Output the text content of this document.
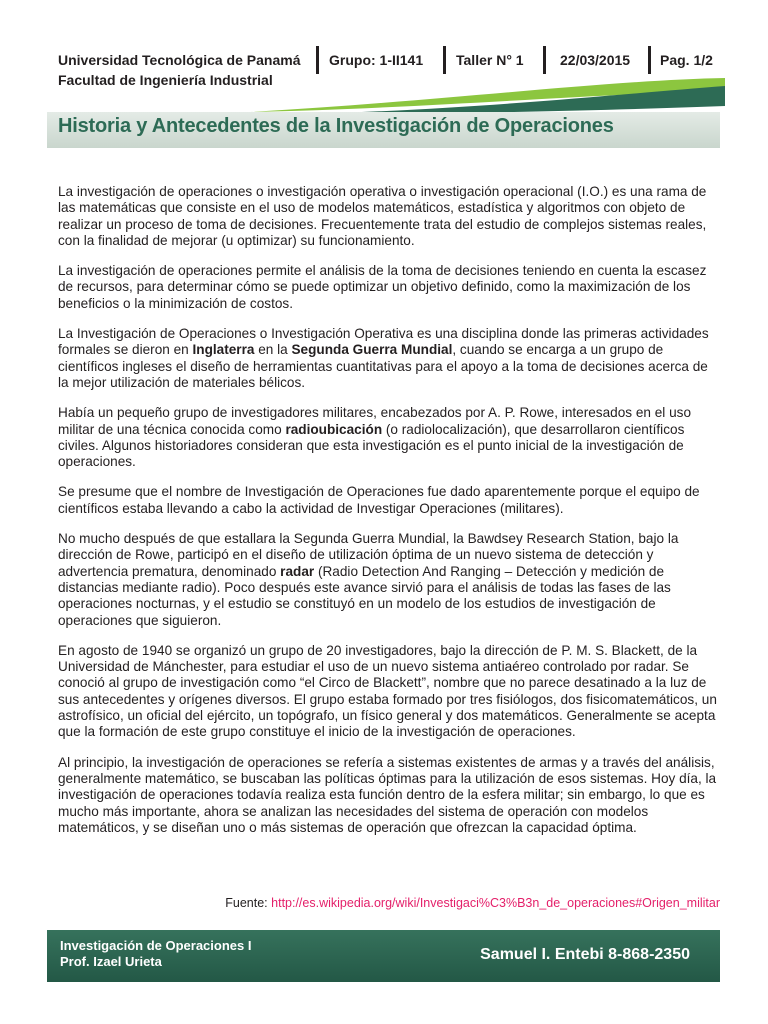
Universidad Tecnológica de Panamá
Facultad de Ingeniería Industrial
Grupo: 1-II141 Taller N° 1	22/03/2015 Pag. 1/2
Historia y Antecedentes de la Investigación de Operaciones

La investigación de operaciones o investigación operativa o investigación operacional (I.O.) es una rama de las matemáticas que consiste en el uso de modelos matemáticos, estadística y algoritmos con objeto de realizar un proceso de toma de decisiones. Frecuentemente trata del estudio de complejos sistemas reales, con la finalidad de mejorar (u optimizar) su funcionamiento.

La investigación de operaciones permite el análisis de la toma de decisiones teniendo en cuenta la escasez de recursos, para determinar cómo se puede optimizar un objetivo definido, como la maximización de los beneficios o la minimización de costos.

La Investigación de Operaciones o Investigación Operativa es una disciplina donde las primeras actividades formales se dieron en Inglaterra en la Segunda Guerra Mundial, cuando se encarga a un grupo de científicos ingleses el diseño de herramientas cuantitativas para el apoyo a la toma de decisiones acerca de la mejor utilización de materiales bélicos.

Había un pequeño grupo de investigadores militares, encabezados por A. P. Rowe, interesados en el uso militar de una técnica conocida como radioubicación (o radiolocalización), que desarrollaron científicos civiles. Algunos historiadores consideran que esta investigación es el punto inicial de la investigación de operaciones.

Se presume que el nombre de Investigación de Operaciones fue dado aparentemente porque el equipo de científicos estaba llevando a cabo la actividad de Investigar Operaciones (militares).

No mucho después de que estallara la Segunda Guerra Mundial, la Bawdsey Research Station, bajo la dirección de Rowe, participó en el diseño de utilización óptima de un nuevo sistema de detección y advertencia prematura, denominado radar (Radio Detection And Ranging – Detección y medición de distancias mediante radio). Poco después este avance sirvió para el análisis de todas las fases de las operaciones nocturnas, y el estudio se constituyó en un modelo de los estudios de investigación de operaciones que siguieron.

En agosto de 1940 se organizó un grupo de 20 investigadores, bajo la dirección de P. M. S. Blackett, de la Universidad de Mánchester, para estudiar el uso de un nuevo sistema antiaéreo controlado por radar. Se conoció al grupo de investigación como “el Circo de Blackett”, nombre que no parece desatinado a la luz de sus antecedentes y orígenes diversos. El grupo estaba formado por tres fisiólogos, dos fisicomatemáticos, un astrofísico, un oficial del ejército, un topógrafo, un físico general y dos matemáticos. Generalmente se acepta que la formación de este grupo constituye el inicio de la investigación de operaciones.

Al principio, la investigación de operaciones se refería a sistemas existentes de armas y a través del análisis, generalmente matemático, se buscaban las políticas óptimas para la utilización de esos sistemas. Hoy día, la investigación de operaciones todavía realiza esta función dentro de la esfera militar; sin embargo, lo que es mucho más importante, ahora se analizan las necesidades del sistema de operación con modelos matemáticos, y se diseñan uno o más sistemas de operación que ofrezcan la capacidad óptima.

Fuente: http://es.wikipedia.org/wiki/Investigaci%C3%B3n_de_operaciones#Origen_militar
Investigación de Operaciones I
Prof. Izael Urieta	Samuel I. Entebi 8-868-2350
